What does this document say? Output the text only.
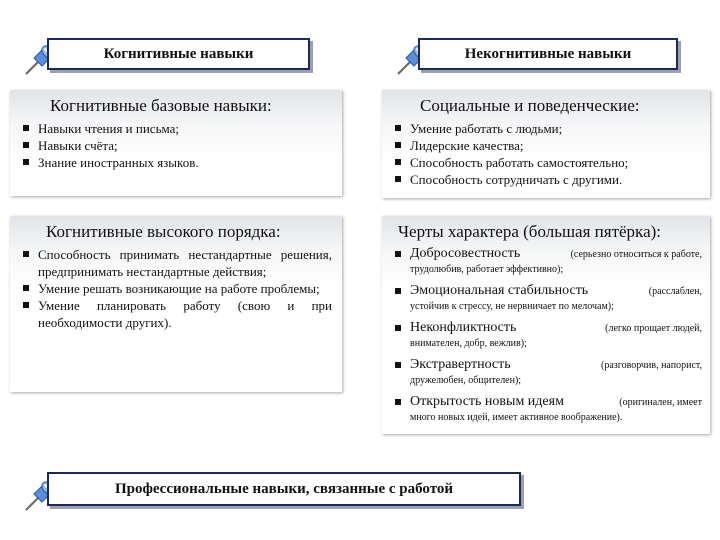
Когнитивные навыки	Некогнитивные навыки
Когнитивные базовые навыки:
Навыки чтения и письма;
Навыки счёта;
Знание иностранных языков.
Социальные и поведенческие:
Умение работать с людьми;
Лидерские качества;
Способность работать самостоятельно;
Способность сотрудничать с другими.
Когнитивные высокого порядка:
Способность принимать нестандартные решения, предпринимать нестандартные действия;
Умение решать возникающие на работе проблемы;
Умение планировать работу (свою и при необходимости других).
Черты характера (большая пятёрка):
Добросовестность	(серьезно относиться к работе,
трудолюбив, работает эффективно);
Эмоциональная стабильность	(расслаблен,
устойчив к стрессу, не нервничает по мелочам);
Неконфликтность	(легко прощает людей,
внимателен, добр, вежлив);
Экстравертность	(разговорчив, напорист,
дружелюбен, общителен);
Открытость новым идеям	(оригинален, имеет
много новых идей, имеет активное воображение).
Профессиональные навыки, связанные с работой
